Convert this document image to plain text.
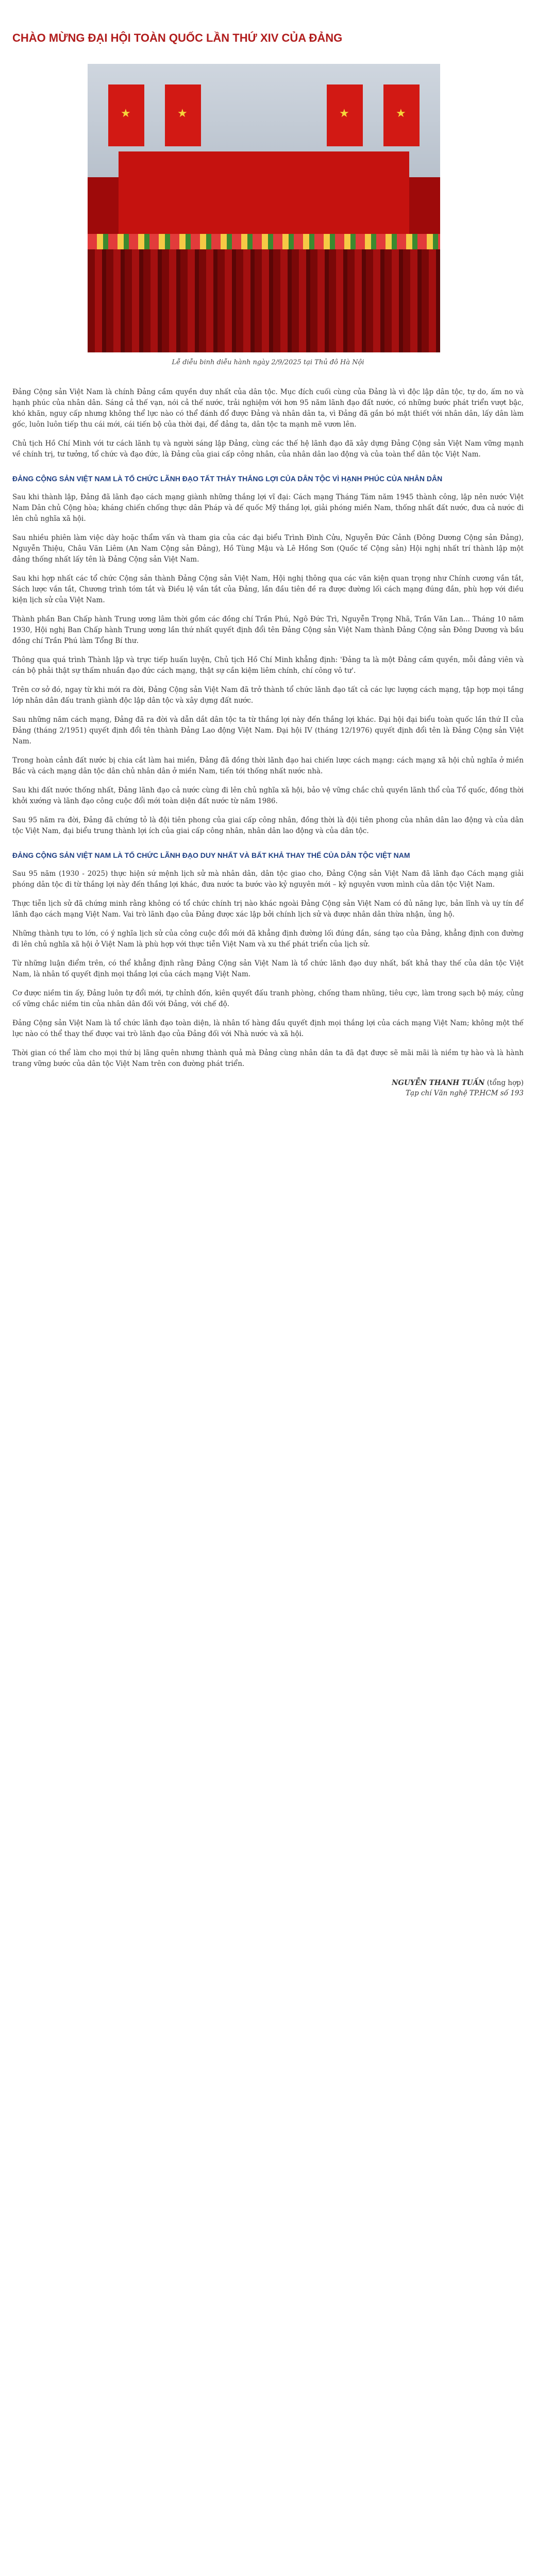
CHÀO MỪNG ĐẠI HỘI TOÀN QUỐC LẦN THỨ XIV CỦA ĐẢNG
★	★	★	★
Lễ diễu binh diễu hành ngày 2/9/2025 tại Thủ đô Hà Nội

Đảng Cộng sản Việt Nam là chính Đảng cầm quyền duy nhất của dân tộc. Mục đích cuối cùng của Đảng là vì độc lập dân tộc, tự do, ấm no và hạnh phúc của nhân dân. Sáng cả thế vạn, nói cả thế nước, trải nghiệm với hơn 95 năm lãnh đạo đất nước, có những bước phát triển vượt bậc, khó khăn, nguy cấp nhưng không thể lực nào có thể đánh đổ được Đảng và nhân dân ta, vì Đảng đã gắn bó mật thiết với nhân dân, lấy dân làm gốc, luôn luôn tiếp thu cái mới, cái tiến bộ của thời đại, để đảng ta, dân tộc ta mạnh mẽ vươn lên.

Chủ tịch Hồ Chí Minh với tư cách lãnh tụ và người sáng lập Đảng, cùng các thế hệ lãnh đạo đã xây dựng Đảng Cộng sản Việt Nam vững mạnh về chính trị, tư tưởng, tổ chức và đạo đức, là Đảng của giai cấp công nhân, của nhân dân lao động và của toàn thể dân tộc Việt Nam.

ĐẢNG CỘNG SẢN VIỆT NAM LÀ TỔ CHỨC LÃNH ĐẠO TẤT THẢY THẮNG LỢI CỦA DÂN TỘC VÌ HẠNH PHÚC CỦA NHÂN DÂN

Sau khi thành lập, Đảng đã lãnh đạo cách mạng giành những thắng lợi vĩ đại: Cách mạng Tháng Tám năm 1945 thành công, lập nên nước Việt Nam Dân chủ Cộng hòa; kháng chiến chống thực dân Pháp và đế quốc Mỹ thắng lợi, giải phóng miền Nam, thống nhất đất nước, đưa cả nước đi lên chủ nghĩa xã hội.

Sau nhiều phiên làm việc dày hoặc thẩm vấn và tham gia của các đại biểu Trình Đình Cửu, Nguyễn Đức Cảnh (Đông Dương Cộng sản Đảng), Nguyễn Thiệu, Châu Văn Liêm (An Nam Cộng sản Đảng), Hồ Tùng Mậu và Lê Hồng Sơn (Quốc tế Cộng sản) Hội nghị nhất trí thành lập một đảng thống nhất lấy tên là Đảng Cộng sản Việt Nam.

Sau khi hợp nhất các tổ chức Cộng sản thành Đảng Cộng sản Việt Nam, Hội nghị thông qua các văn kiện quan trọng như Chính cương vắn tắt, Sách lược vắn tắt, Chương trình tóm tắt và Điều lệ vắn tắt của Đảng, lần đầu tiên đề ra được đường lối cách mạng đúng đắn, phù hợp với điều kiện lịch sử của Việt Nam.

Thành phần Ban Chấp hành Trung ương lâm thời gồm các đồng chí Trần Phú, Ngô Đức Trì, Nguyễn Trọng Nhã, Trần Văn Lan... Tháng 10 năm 1930, Hội nghị Ban Chấp hành Trung ương lần thứ nhất quyết định đổi tên Đảng Cộng sản Việt Nam thành Đảng Cộng sản Đông Dương và bầu đồng chí Trần Phú làm Tổng Bí thư.

Thông qua quá trình Thành lập và trực tiếp huấn luyện, Chủ tịch Hồ Chí Minh khẳng định: 'Đảng ta là một Đảng cầm quyền, mỗi đảng viên và cán bộ phải thật sự thấm nhuần đạo đức cách mạng, thật sự cần kiệm liêm chính, chí công vô tư'.

Trên cơ sở đó, ngay từ khi mới ra đời, Đảng Cộng sản Việt Nam đã trở thành tổ chức lãnh đạo tất cả các lực lượng cách mạng, tập hợp mọi tầng lớp nhân dân đấu tranh giành độc lập dân tộc và xây dựng đất nước.

Sau những năm cách mạng, Đảng đã ra đời và dẫn dắt dân tộc ta từ thắng lợi này đến thắng lợi khác. Đại hội đại biểu toàn quốc lần thứ II của Đảng (tháng 2/1951) quyết định đổi tên thành Đảng Lao động Việt Nam. Đại hội IV (tháng 12/1976) quyết định đổi tên là Đảng Cộng sản Việt Nam.

Trong hoàn cảnh đất nước bị chia cắt làm hai miền, Đảng đã đồng thời lãnh đạo hai chiến lược cách mạng: cách mạng xã hội chủ nghĩa ở miền Bắc và cách mạng dân tộc dân chủ nhân dân ở miền Nam, tiến tới thống nhất nước nhà.

Sau khi đất nước thống nhất, Đảng lãnh đạo cả nước cùng đi lên chủ nghĩa xã hội, bảo vệ vững chắc chủ quyền lãnh thổ của Tổ quốc, đồng thời khởi xướng và lãnh đạo công cuộc đổi mới toàn diện đất nước từ năm 1986.

Sau 95 năm ra đời, Đảng đã chứng tỏ là đội tiên phong của giai cấp công nhân, đồng thời là đội tiên phong của nhân dân lao động và của dân tộc Việt Nam, đại biểu trung thành lợi ích của giai cấp công nhân, nhân dân lao động và của dân tộc.

ĐẢNG CỘNG SẢN VIỆT NAM LÀ TỔ CHỨC LÃNH ĐẠO DUY NHẤT VÀ BẤT KHẢ THAY THẾ CỦA DÂN TỘC VIỆT NAM

Sau 95 năm (1930 - 2025) thực hiện sứ mệnh lịch sử mà nhân dân, dân tộc giao cho, Đảng Cộng sản Việt Nam đã lãnh đạo Cách mạng giải phóng dân tộc đi từ thắng lợi này đến thắng lợi khác, đưa nước ta bước vào kỷ nguyên mới – kỷ nguyên vươn mình của dân tộc Việt Nam.

Thực tiễn lịch sử đã chứng minh rằng không có tổ chức chính trị nào khác ngoài Đảng Cộng sản Việt Nam có đủ năng lực, bản lĩnh và uy tín để lãnh đạo cách mạng Việt Nam. Vai trò lãnh đạo của Đảng được xác lập bởi chính lịch sử và được nhân dân thừa nhận, ủng hộ.

Những thành tựu to lớn, có ý nghĩa lịch sử của công cuộc đổi mới đã khẳng định đường lối đúng đắn, sáng tạo của Đảng, khẳng định con đường đi lên chủ nghĩa xã hội ở Việt Nam là phù hợp với thực tiễn Việt Nam và xu thế phát triển của lịch sử.

Từ những luận điểm trên, có thể khẳng định rằng Đảng Cộng sản Việt Nam là tổ chức lãnh đạo duy nhất, bất khả thay thế của dân tộc Việt Nam, là nhân tố quyết định mọi thắng lợi của cách mạng Việt Nam.

Cơ được niềm tin ấy, Đảng luôn tự đổi mới, tự chỉnh đốn, kiên quyết đấu tranh phòng, chống tham nhũng, tiêu cực, làm trong sạch bộ máy, củng cố vững chắc niềm tin của nhân dân đối với Đảng, với chế độ.

Đảng Cộng sản Việt Nam là tổ chức lãnh đạo toàn diện, là nhân tố hàng đầu quyết định mọi thắng lợi của cách mạng Việt Nam; không một thế lực nào có thể thay thế được vai trò lãnh đạo của Đảng đối với Nhà nước và xã hội.

Thời gian có thể làm cho mọi thứ bị lãng quên nhưng thành quả mà Đảng cùng nhân dân ta đã đạt được sẽ mãi mãi là niềm tự hào và là hành trang vững bước của dân tộc Việt Nam trên con đường phát triển.

NGUYỄN THANH TUẤN (tổng hợp)
Tạp chí Văn nghệ TP.HCM số 193
